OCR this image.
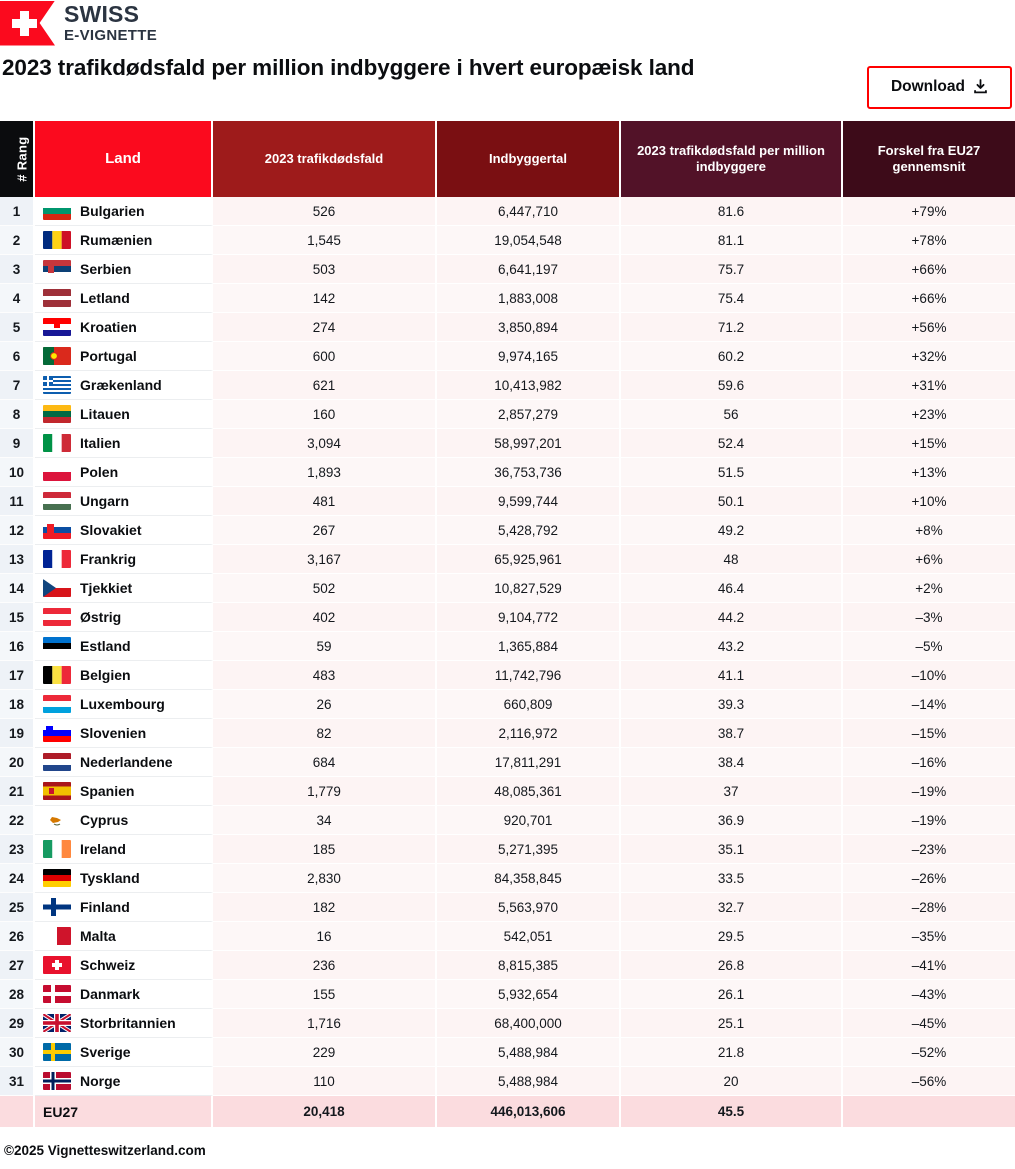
SWISS
E-VIGNETTE
2023 trafikdødsfald per million indbyggere i hvert europæisk land
Download
# Rang	Land	2023 trafikdødsfald	Indbyggertal	2023 trafikdødsfald per million indbyggere	Forskel fra EU27 gennemsnit
1	Bulgarien	526	6,447,710	81.6	+79%
2	Rumænien	1,545	19,054,548	81.1	+78%
3	Serbien	503	6,641,197	75.7	+66%
4	Letland	142	1,883,008	75.4	+66%
5	Kroatien	274	3,850,894	71.2	+56%
6	Portugal	600	9,974,165	60.2	+32%
7	Grækenland	621	10,413,982	59.6	+31%
8	Litauen	160	2,857,279	56	+23%
9	Italien	3,094	58,997,201	52.4	+15%
10	Polen	1,893	36,753,736	51.5	+13%
11	Ungarn	481	9,599,744	50.1	+10%
12	Slovakiet	267	5,428,792	49.2	+8%
13	Frankrig	3,167	65,925,961	48	+6%
14	Tjekkiet	502	10,827,529	46.4	+2%
15	Østrig	402	9,104,772	44.2	–3%
16	Estland	59	1,365,884	43.2	–5%
17	Belgien	483	11,742,796	41.1	–10%
18	Luxembourg	26	660,809	39.3	–14%
19	Slovenien	82	2,116,972	38.7	–15%
20	Nederlandene	684	17,811,291	38.4	–16%
21	Spanien	1,779	48,085,361	37	–19%
22	Cyprus	34	920,701	36.9	–19%
23	Ireland	185	5,271,395	35.1	–23%
24	Tyskland	2,830	84,358,845	33.5	–26%
25	Finland	182	5,563,970	32.7	–28%
26	Malta	16	542,051	29.5	–35%
27	Schweiz	236	8,815,385	26.8	–41%
28	Danmark	155	5,932,654	26.1	–43%
29	Storbritannien	1,716	68,400,000	25.1	–45%
30	Sverige	229	5,488,984	21.8	–52%
31	Norge	110	5,488,984	20	–56%

	EU27	20,418	446,013,606	45.5	
©2025 Vignetteswitzerland.com
